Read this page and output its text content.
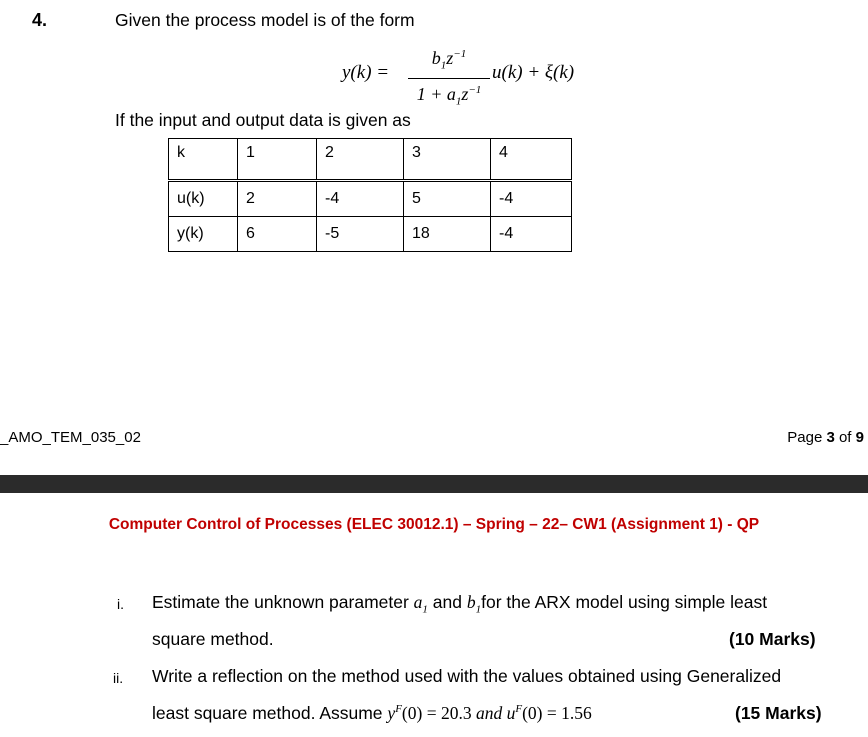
4.	Given the process model is of the form
y(k) =
$b_1z^{-1}$
$1 + a_1z^{-1}$
u(k) + ξ(k)
If the input and output data is given as
k	1	2	3	4
u(k)	2	-4	5	-4
y(k)	6	-5	18	-4
_AMO_TEM_035_02	Page 3 of 9
Computer Control of Processes (ELEC 30012.1) – Spring – 22– CW1 (Assignment 1) - QP
i. Estimate the unknown parameter $a_1$ and $b_1for$ the ARX model using simple least
square method.	(10 Marks)
ii. Write a reflection on the method used with the values obtained using Generalized
least square method. Assume $y^F(0) = 20.3$ and $u^F(0) = 1.56$	(15 Marks)
